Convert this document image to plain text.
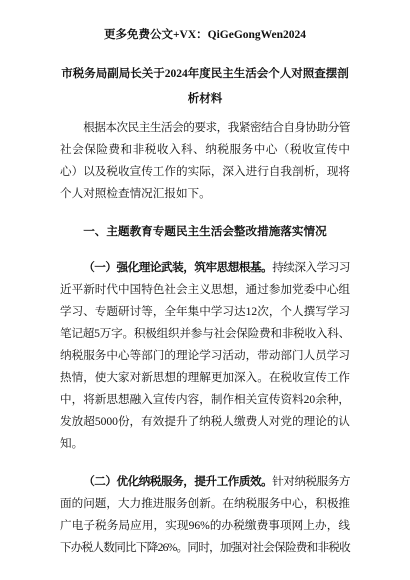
更多免费公文+VX：QiGeGongWen2024
市税务局副局长关于2024年度民主生活会个人对照查摆剖析材料
根据本次民主生活会的要求，我紧密结合自身协助分管
社会保险费和非税收入科、纳税服务中心（税收宣传中
心）以及税收宣传工作的实际，深入进行自我剖析，现将
个人对照检查情况汇报如下。
一、主题教育专题民主生活会整改措施落实情况
（一）强化理论武装，筑牢思想根基。持续深入学习习
近平新时代中国特色社会主义思想，通过参加党委中心组
学习、专题研讨等，全年集中学习达12次，个人撰写学习
笔记超5万字。积极组织并参与社会保险费和非税收入科、
纳税服务中心等部门的理论学习活动，带动部门人员学习
热情，使大家对新思想的理解更加深入。在税收宣传工作
中，将新思想融入宣传内容，制作相关宣传资料20余种，
发放超5000份，有效提升了纳税人缴费人对党的理论的认
知。
（二）优化纳税服务，提升工作质效。针对纳税服务方
面的问题，大力推进服务创新。在纳税服务中心，积极推
广电子税务局应用，实现96%的办税缴费事项网上办，线
下办税人数同比下降26%。同时，加强对社会保险费和非税收
